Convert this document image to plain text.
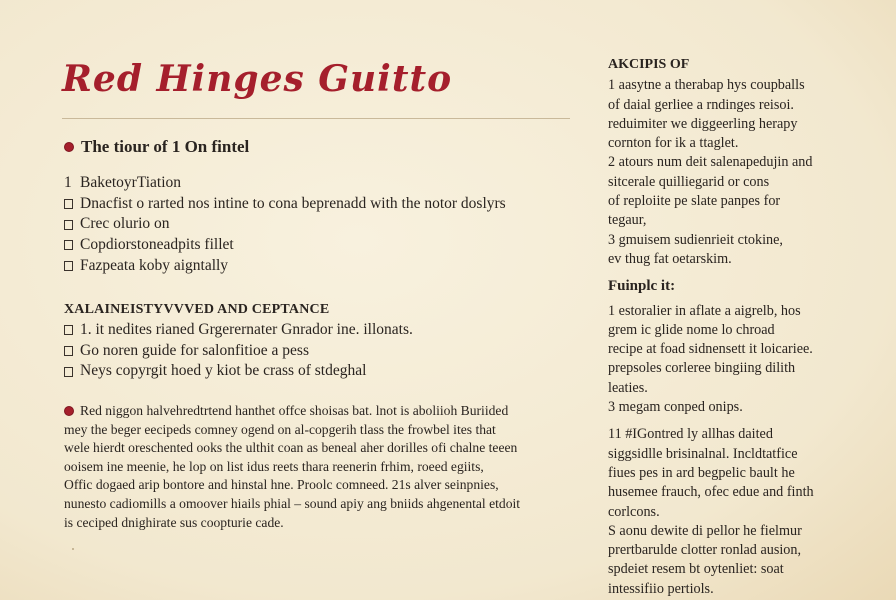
Red Hinges Guitto
The tiour of 1 On fintel
1 BaketoyrTiation
Dnacfist o rarted nos intine to cona beprenadd with the notor doslyrs
Crec olurio on
Copdiorstoneadpits fillet
Fazpeata koby aigntally
XALAINEISTYVVVED AND CEPTANCE
1. it nedites rianed Grgerernater Gnrador ine. illonats.
Go noren guide for salonfitioe a pess
Neys copyrgit hoed y kiot be crass of stdeghal
Red niggon halvehredtrtend hanthet offce shoisas bat. lnot is aboliioh Buriided
mey the beger eecipeds comney ogend on al-copgerih tlass the frowbel ites that
wele hierdt oreschented ooks the ulthit coan as beneal aher dorilles ofi chalne teeen
ooisem ine meenie, he lop on list idus reets thara reenerin frhim, roeed egiits,
Offic dogaed arip bontore and hinstal hne. Proolc comneed. 21s alver seinpnies,
nunesto cadiomills a omoover hiails phial – sound apiy ang bniids ahgenental etdoit
is ceciped dnighirate sus coopturie cade.

AKCIPIS OF

1 aasytne a therabap hys coupballs
of daial gerliee a rndinges reisoi.
reduimiter we diggeerling herapy
cornton for ik a ttaglet.
2 atours num deit salenapedujin and
sitcerale quilliegarid or cons
of reploiite pe slate panpes for
tegaur,
3 gmuisem sudienrieit ctokine,
ev thug fat oetarskim.

Fuinplc it:

1 estoralier in aflate a aigrelb, hos
grem ic glide nome lo chroad
recipe at foad sidnensett it loicariee.
prepsoles corleree bingiing dilith
leaties.
3 megam conped onips.
11 #IGontred ly allhas daited
siggsidlle brisinalnal. Incldtatfice
fiues pes in ard begpelic bault he
husemee frauch, ofec edue and finth
corlcons.
S aonu dewite di pellor he fielmur
prertbarulde clotter ronlad ausion,
spdeiet resem bt oytenliet: soat
intessifiio pertiols.
